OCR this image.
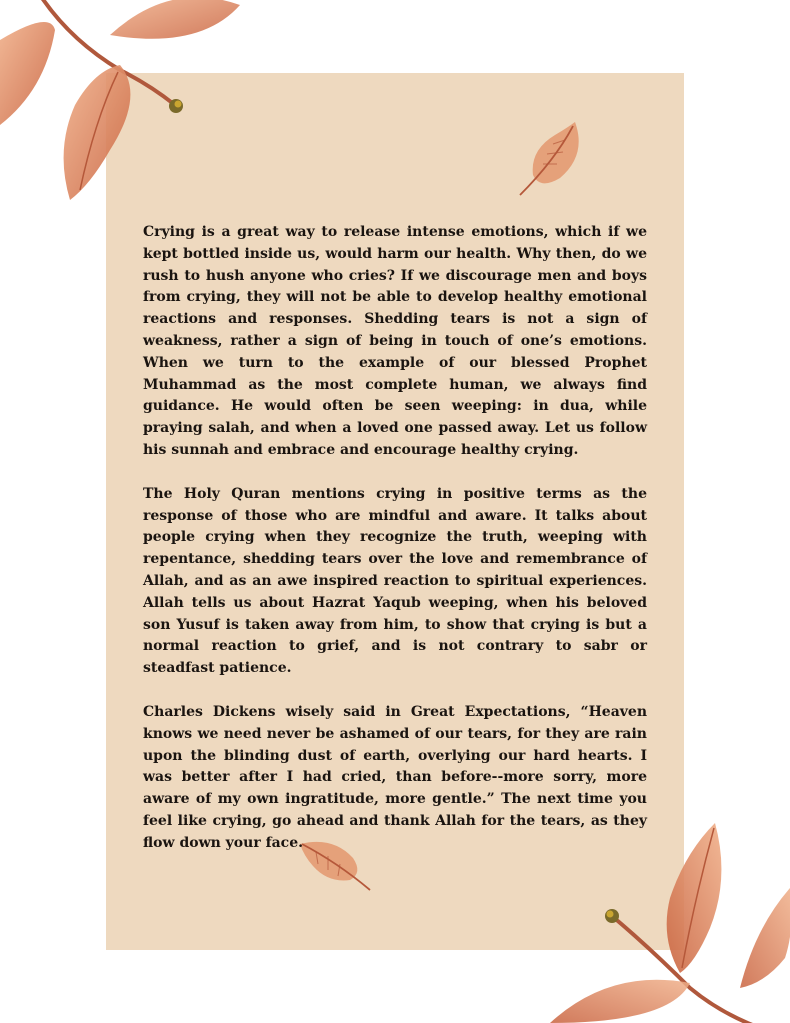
Crying is a great way to release intense emotions, which if we kept bottled inside us, would harm our health. Why then, do we rush to hush anyone who cries? If we discourage men and boys from crying, they will not be able to develop healthy emotional reactions and responses. Shedding tears is not a sign of weakness, rather a sign of being in touch of one’s emotions. When we turn to the example of our blessed Prophet Muhammad as the most complete human, we always find guidance. He would often be seen weeping: in dua, while praying salah, and when a loved one passed away. Let us follow his sunnah and embrace and encourage healthy crying.

The Holy Quran mentions crying in positive terms as the response of those who are mindful and aware. It talks about people crying when they recognize the truth, weeping with repentance, shedding tears over the love and remembrance of Allah, and as an awe inspired reaction to spiritual experiences. Allah tells us about Hazrat Yaqub weeping, when his beloved son Yusuf is taken away from him, to show that crying is but a normal reaction to grief, and is not contrary to sabr or steadfast patience.

Charles Dickens wisely said in Great Expectations, “Heaven knows we need never be ashamed of our tears, for they are rain upon the blinding dust of earth, overlying our hard hearts. I was better after I had cried, than before--more sorry, more aware of my own ingratitude, more gentle.” The next time you feel like crying, go ahead and thank Allah for the tears, as they flow down your face.
